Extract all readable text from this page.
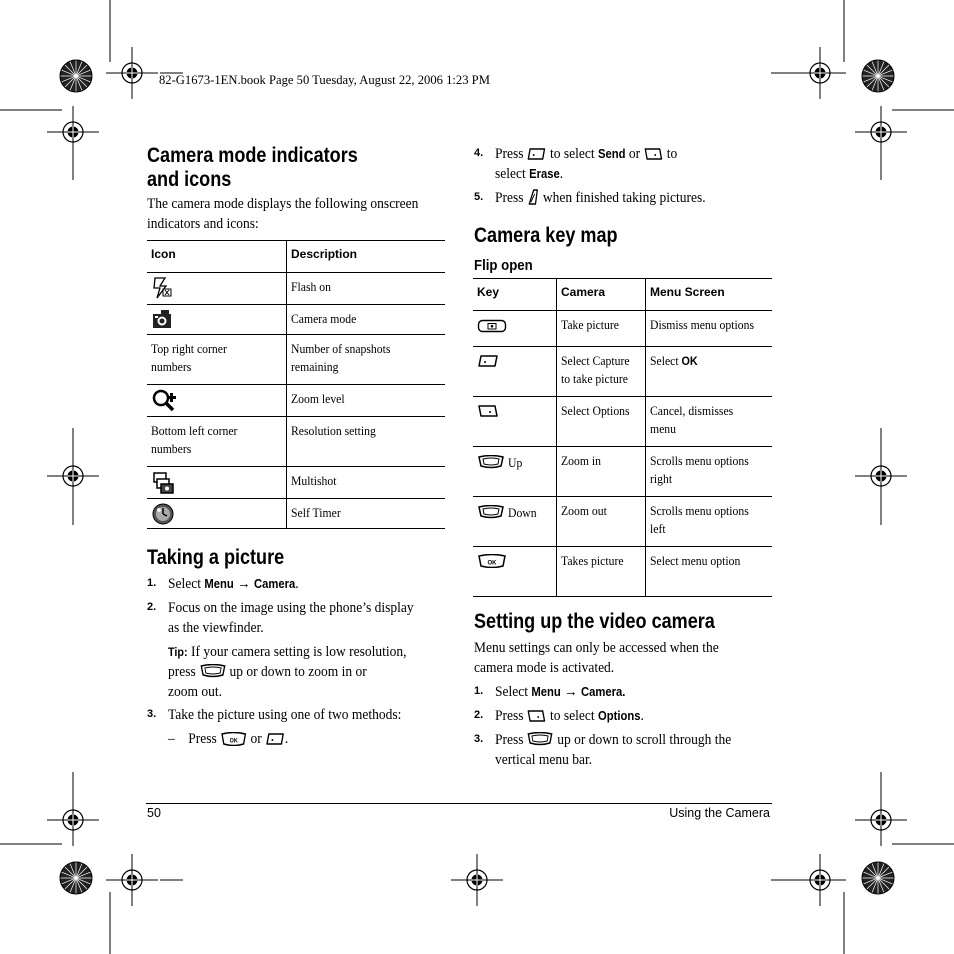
82-G1673-1EN.book Page 50 Tuesday, August 22, 2006 1:23 PM
Camera mode indicators
and icons
The camera mode displays the following onscreen
indicators and icons:
Icon	Description

	Flash on

	Camera mode
Top right corner
numbers	Number of snapshots
remaining

	Zoom level
Bottom left corner
numbers	Resolution setting

	Multishot

	Self Timer
Taking a picture
1. Select Menu → Camera.
2. Focus on the image using the phone’s display
as the viewfinder.
Tip: If your camera setting is low resolution,
press  up or down to zoom in or
zoom out.
3. Take the picture using one of two methods:
– Press OK or .
4. Press  to select Send or  to
select Erase.
5. Press  when finished taking pictures.
Camera key map
Flip open
Key	Camera	Menu Screen

	Take picture	Dismiss menu options

	Select Capture
to take picture	Select OK

	Select Options	Cancel, dismisses
menu
Up	Zoom in	Scrolls menu options
right
Down	Zoom out	Scrolls menu options
left

OK	Takes picture	Select menu option
Setting up the video camera
Menu settings can only be accessed when the
camera mode is activated.
1. Select Menu → Camera.
2. Press  to select Options.
3. Press  up or down to scroll through the
vertical menu bar.
50	Using the Camera
